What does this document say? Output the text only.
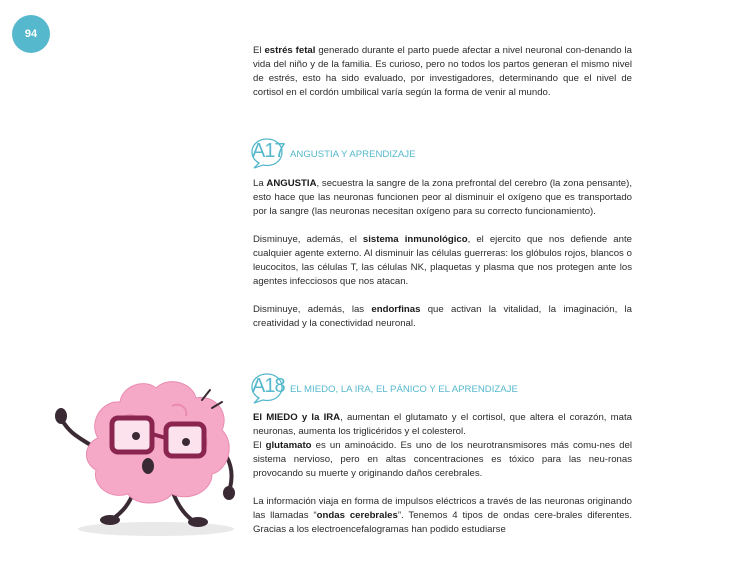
94

El estrés fetal generado durante el parto puede afectar a nivel neuronal con-denando la vida del niño y de la familia. Es curioso, pero no todos los partos generan el mismo nivel de estrés, esto ha sido evaluado, por investigadores, determinando que el nivel de cortisol en el cordón umbilical varía según la forma de venir al mundo.

A17 ANGUSTIA Y APRENDIZAJE

La ANGUSTIA, secuestra la sangre de la zona prefrontal del cerebro (la zona pensante), esto hace que las neuronas funcionen peor al disminuir el oxígeno que es transportado por la sangre (las neuronas necesitan oxígeno para su correcto funcionamiento).

Disminuye, además, el sistema inmunológico, el ejercito que nos defiende ante cualquier agente externo. Al disminuir las células guerreras: los glóbulos rojos, blancos o leucocitos, las células T, las células NK, plaquetas y plasma que nos protegen ante los agentes infecciosos que nos atacan.

Disminuye, además, las endorfinas que activan la vitalidad, la imaginación, la creatividad y la conectividad neuronal.

A18 EL MIEDO, LA IRA, EL PÁNICO Y EL APRENDIZAJE

El MIEDO y la IRA, aumentan el glutamato y el cortisol, que altera el corazón, mata neuronas, aumenta los triglicéridos y el colesterol.

El glutamato es un aminoácido. Es uno de los neurotransmisores más comu-nes del sistema nervioso, pero en altas concentraciones es tóxico para las neu-ronas provocando su muerte y originando daños cerebrales.

La información viaja en forma de impulsos eléctricos a través de las neuronas originando las llamadas “ondas cerebrales”. Tenemos 4 tipos de ondas cere-brales diferentes. Gracias a los electroencefalogramas han podido estudiarse
